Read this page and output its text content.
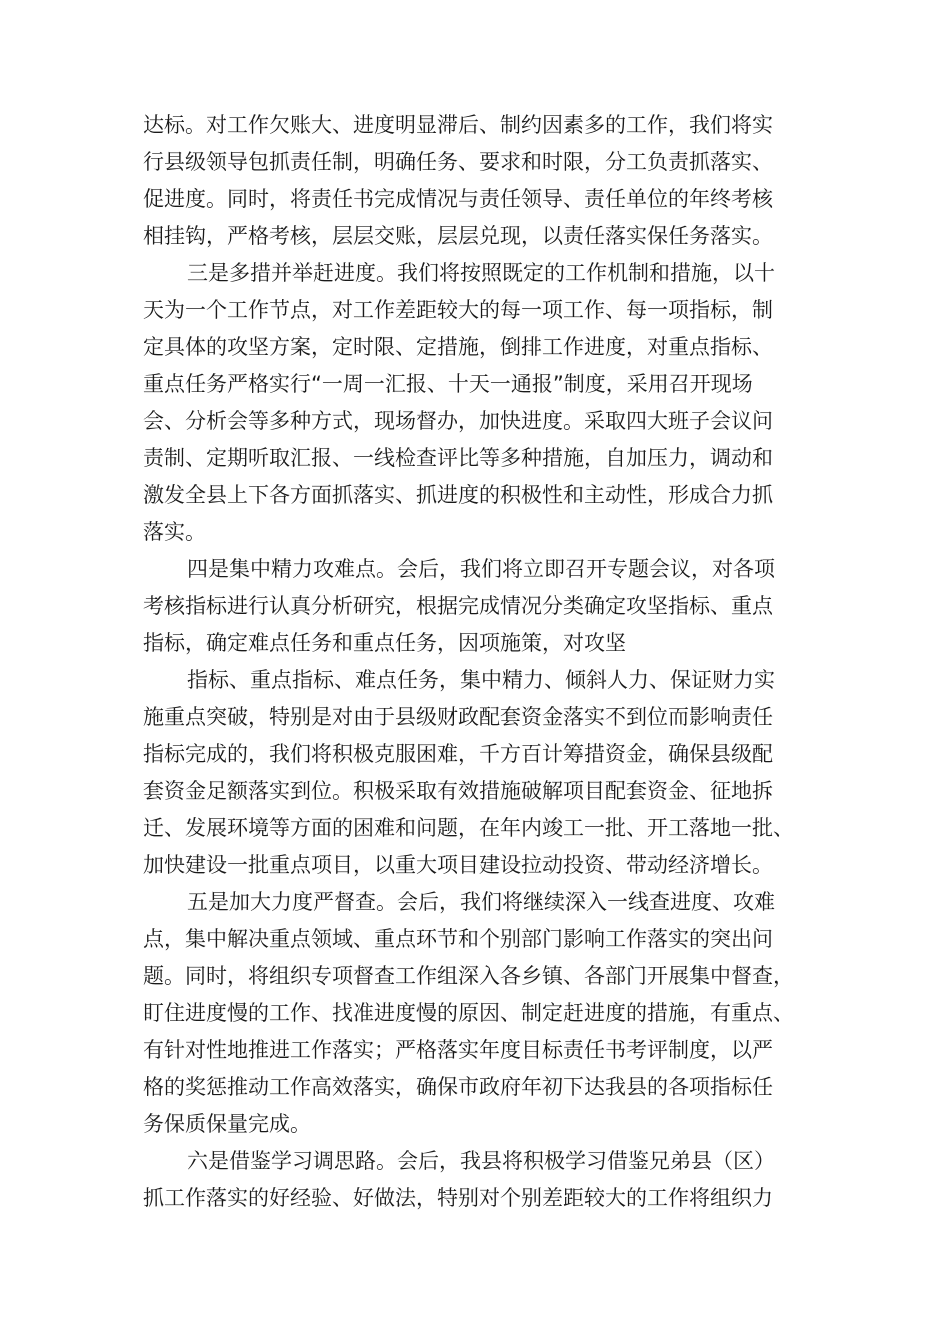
达标。对工作欠账大、进度明显滞后、制约因素多的工作，我们将实
行县级领导包抓责任制，明确任务、要求和时限，分工负责抓落实、
促进度。同时，将责任书完成情况与责任领导、责任单位的年终考核
相挂钩，严格考核，层层交账，层层兑现，以责任落实保任务落实。
三是多措并举赶进度。我们将按照既定的工作机制和措施，以十
天为一个工作节点，对工作差距较大的每一项工作、每一项指标，制
定具体的攻坚方案，定时限、定措施，倒排工作进度，对重点指标、
重点任务严格实行“一周一汇报、十天一通报”制度，采用召开现场
会、分析会等多种方式，现场督办，加快进度。采取四大班子会议问
责制、定期听取汇报、一线检查评比等多种措施，自加压力，调动和
激发全县上下各方面抓落实、抓进度的积极性和主动性，形成合力抓
落实。
四是集中精力攻难点。会后，我们将立即召开专题会议，对各项
考核指标进行认真分析研究，根据完成情况分类确定攻坚指标、重点
指标，确定难点任务和重点任务，因项施策，对攻坚
指标、重点指标、难点任务，集中精力、倾斜人力、保证财力实
施重点突破，特别是对由于县级财政配套资金落实不到位而影响责任
指标完成的，我们将积极克服困难，千方百计筹措资金，确保县级配
套资金足额落实到位。积极采取有效措施破解项目配套资金、征地拆
迁、发展环境等方面的困难和问题，在年内竣工一批、开工落地一批、
加快建设一批重点项目，以重大项目建设拉动投资、带动经济增长。
五是加大力度严督查。会后，我们将继续深入一线查进度、攻难
点，集中解决重点领域、重点环节和个别部门影响工作落实的突出问
题。同时，将组织专项督查工作组深入各乡镇、各部门开展集中督查，
盯住进度慢的工作、找准进度慢的原因、制定赶进度的措施，有重点、
有针对性地推进工作落实；严格落实年度目标责任书考评制度，以严
格的奖惩推动工作高效落实，确保市政府年初下达我县的各项指标任
务保质保量完成。
六是借鉴学习调思路。会后，我县将积极学习借鉴兄弟县（区）
抓工作落实的好经验、好做法，特别对个别差距较大的工作将组织力
